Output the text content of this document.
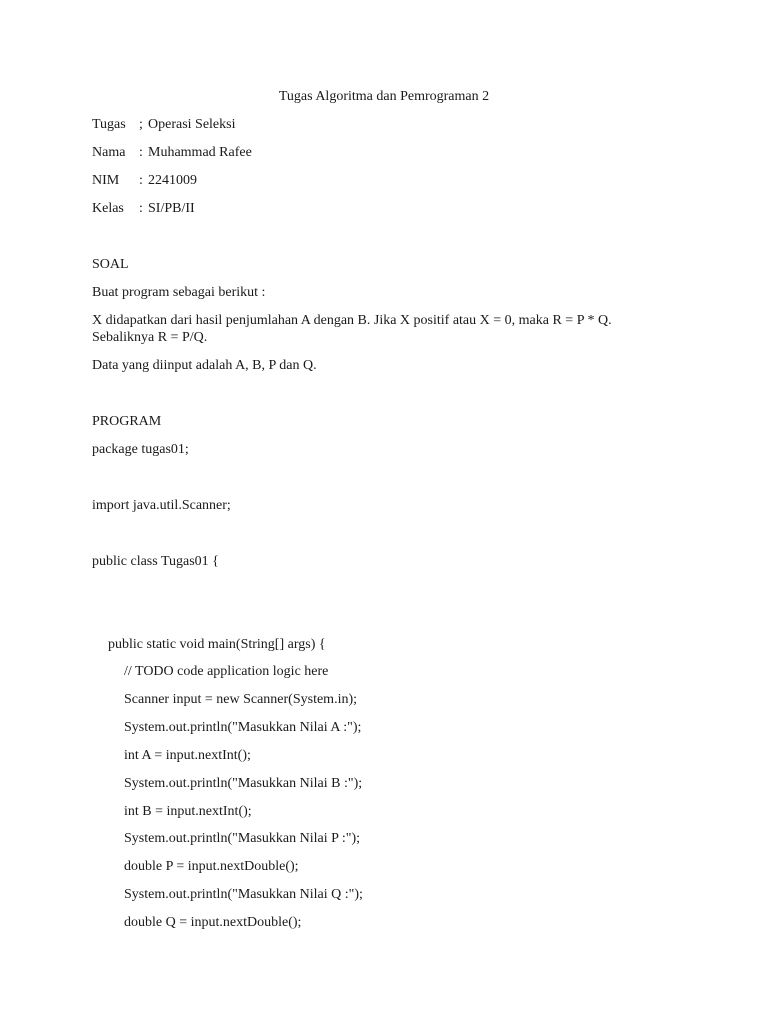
Tugas Algoritma dan Pemrograman 2
Tugas ; Operasi Seleksi
Nama : Muhammad Rafee
NIM : 2241009
Kelas : SI/PB/II
SOAL
Buat program sebagai berikut :
X didapatkan dari hasil penjumlahan A dengan B. Jika X positif atau X = 0, maka R = P * Q.
Sebaliknya R = P/Q.
Data yang diinput adalah A, B, P dan Q.
PROGRAM
package tugas01;
import java.util.Scanner;
public class Tugas01 {
public static void main(String[] args) {
// TODO code application logic here
Scanner input = new Scanner(System.in);
System.out.println("Masukkan Nilai A :");
int A = input.nextInt();
System.out.println("Masukkan Nilai B :");
int B = input.nextInt();
System.out.println("Masukkan Nilai P :");
double P = input.nextDouble();
System.out.println("Masukkan Nilai Q :");
double Q = input.nextDouble();
